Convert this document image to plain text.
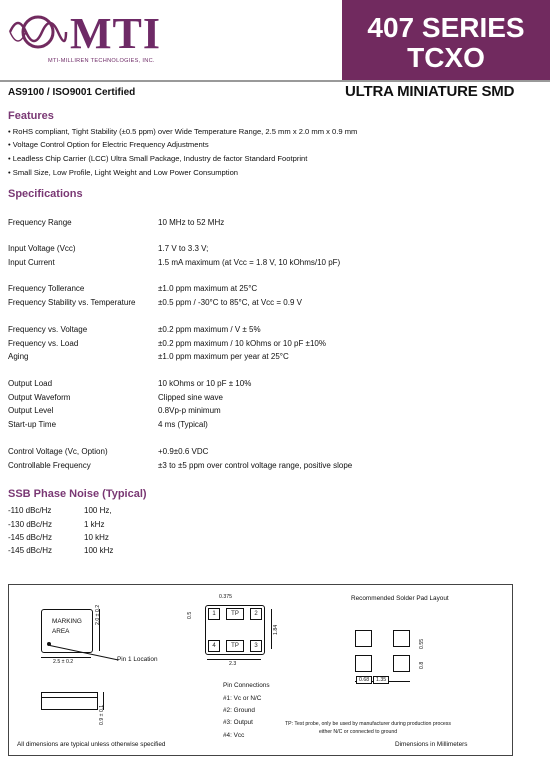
MTI
MTI-MILLIREN TECHNOLOGIES, INC.
407 SERIES
TCXO
AS9100 / ISO9001 Certified	ULTRA MINIATURE SMD
Features
• RoHS compliant, Tight Stability (±0.5 ppm) over Wide Temperature Range, 2.5 mm x 2.0 mm x 0.9 mm
• Voltage Control Option for Electric Frequency Adjustments
• Leadless Chip Carrier (LCC) Ultra Small Package, Industry de factor Standard Footprint
• Small Size, Low Profile, Light Weight and Low Power Consumption
Specifications
Frequency Range	10 MHz to 52 MHz
Input Voltage (Vcc)	1.7 V to 3.3 V;
Input Current	1.5 mA maximum (at Vcc = 1.8 V, 10 kOhms/10 pF)
Frequency Tollerance	±1.0 ppm maximum at 25°C
Frequency Stability vs. Temperature	±0.5 ppm / -30°C to 85°C, at Vcc = 0.9 V
Frequency vs. Voltage	±0.2 ppm maximum / V ± 5%
Frequency vs. Load	±0.2 ppm maximum / 10 kOhms or 10 pF ±10%
Aging	±1.0 ppm maximum per year at 25°C
Output Load	10 kOhms or 10 pF ± 10%
Output Waveform	Clipped sine wave
Output Level	0.8Vp-p minimum
Start-up Time	4 ms (Typical)
Control Voltage (Vc, Option)	+0.9±0.6 VDC
Controllable Frequency	±3 to ±5 ppm over control voltage range, positive slope
SSB Phase Noise (Typical)
-110 dBc/Hz	100 Hz,
-130 dBc/Hz	1 kHz
-145 dBc/Hz	10 kHz
-145 dBc/Hz	100 kHz
MARKING
AREA
2.0 ± 0.2
2.5 ± 0.2	Pin 1 Location
0.9 ± 0.1
1	2
3
4
TP
TP
0.375
0.5
1.84
2.3
Recommended Solder Pad Layout
0.55
0.8
0.68	1.35
Pin Connections
#1: Vc or N/C
#2: Ground
#3: Output
#4: Vcc
TP: Test probe, only be used by manufacturer during production process
either N/C or connected to ground
All dimensions are typical unless otherwise specified	Dimensions in Millimeters
